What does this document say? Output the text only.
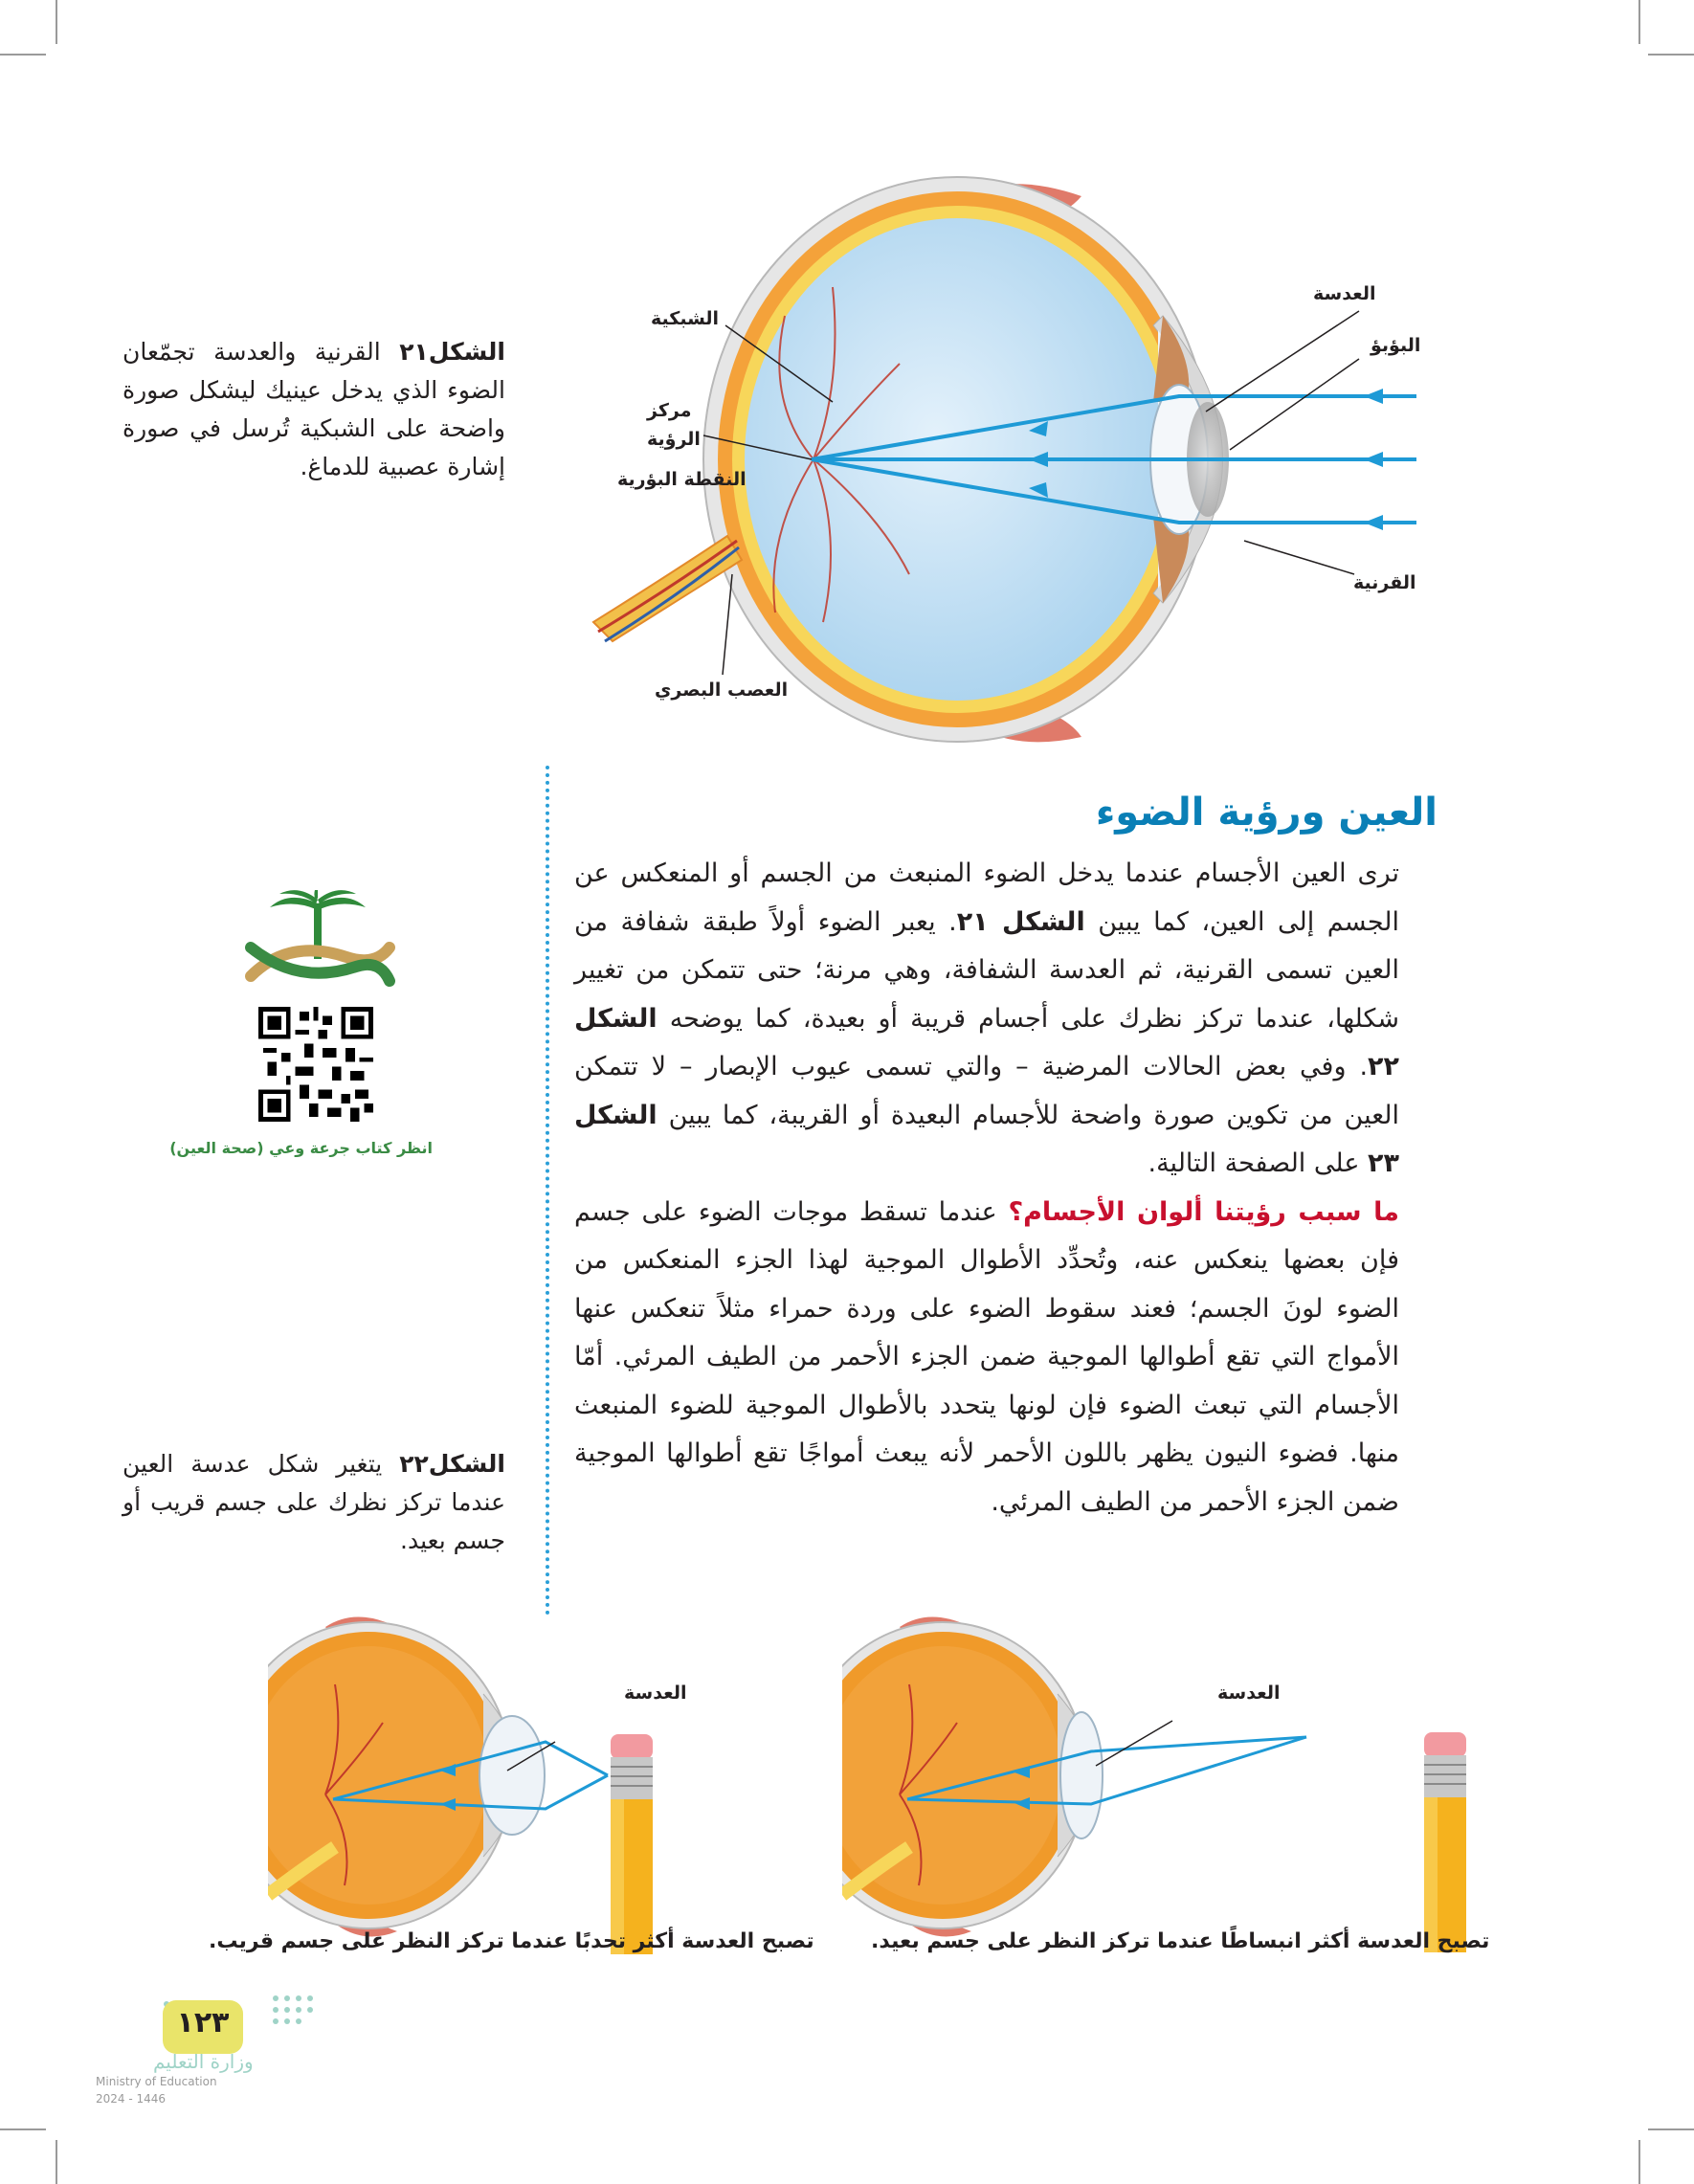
العدسة
الشبكية
البؤبؤ
مركز
الرؤية
النقطة البؤرية
القرنية
العصب البصري
الشكل٢١ القرنية والعدسة تجمّعان الضوء الذي يدخل عينيك ليشكل صورة واضحة على الشبكية تُرسل في صورة إشارة عصبية للدماغ.
العين ورؤية الضوء

ترى العين الأجسام عندما يدخل الضوء المنبعث من الجسم أو المنعكس عن الجسم إلى العين، كما يبين الشكل ٢١. يعبر الضوء أولاً طبقة شفافة من العين تسمى القرنية، ثم العدسة الشفافة، وهي مرنة؛ حتى تتمكن من تغيير شكلها، عندما تركز نظرك على أجسام قريبة أو بعيدة، كما يوضحه الشكل ٢٢. وفي بعض الحالات المرضية – والتي تسمى عيوب الإبصار – لا تتمكن العين من تكوين صورة واضحة للأجسام البعيدة أو القريبة، كما يبين الشكل ٢٣ على الصفحة التالية.

ما سبب رؤيتنا ألوان الأجسام؟ عندما تسقط موجات الضوء على جسم فإن بعضها ينعكس عنه، وتُحدِّد الأطوال الموجية لهذا الجزء المنعكس من الضوء لونَ الجسم؛ فعند سقوط الضوء على وردة حمراء مثلاً تنعكس عنها الأمواج التي تقع أطوالها الموجية ضمن الجزء الأحمر من الطيف المرئي. أمّا الأجسام التي تبعث الضوء فإن لونها يتحدد بالأطوال الموجية للضوء المنبعث منها. فضوء النيون يظهر باللون الأحمر لأنه يبعث أمواجًا تقع أطوالها الموجية ضمن الجزء الأحمر من الطيف المرئي.

انظر كتاب جرعة وعي (صحة العين)
الشكل٢٢ يتغير شكل عدسة العين عندما تركز نظرك على جسم قريب أو جسم بعيد.
العدسة
تصبح العدسة أكثر تحدبًا عندما تركز النظر على جسم قريب.
العدسة
تصبح العدسة أكثر انبساطًا عندما تركز النظر على جسم بعيد.
١٢٣
وزارة التعليم
Ministry of Education
2024 - 1446
